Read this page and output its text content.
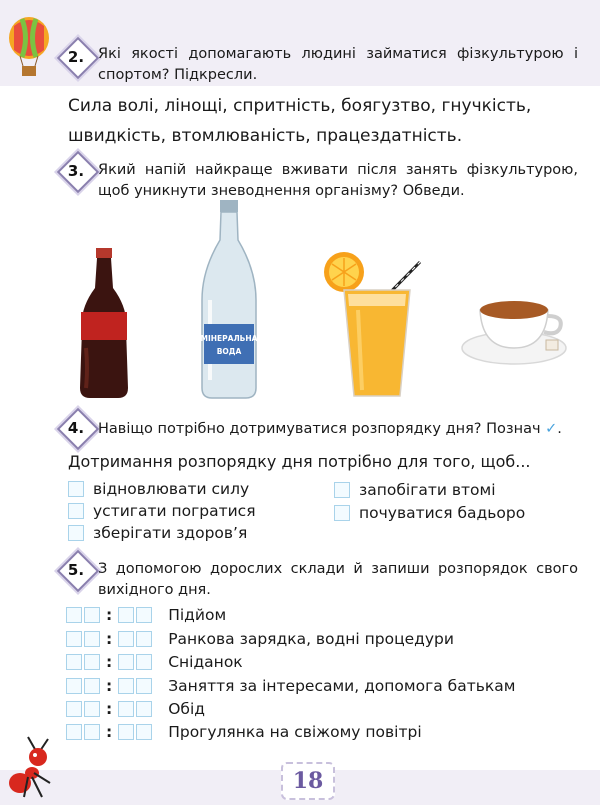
2. Які якості допомагають людині займатися фізкультурою і спортом? Підкресли.
Сила волі, лінощі, спритність, боягузтво, гнучкість, швидкість, втомлюваність, працездатність.
3. Який напій найкраще вживати після занять фізкультурою, щоб уникнути зневоднення організму? Обведи.
МІНЕРАЛЬНА
ВОДА
4. Навіщо потрібно дотримуватися розпорядку дня? Познач ✓.
Дотримання розпорядку дня потрібно для того, щоб...
відновлювати силу
устигати погратися
зберігати здоров’я
запобігати втомі
почуватися бадьоро
5. З допомогою дорослих склади й запиши розпорядок свого вихідного дня.
:	Підйом
:	Ранкова зарядка, водні процедури
:	Сніданок
:	Заняття за інтересами, допомога батькам
:	Обід
:	Прогулянка на свіжому повітрі
18
